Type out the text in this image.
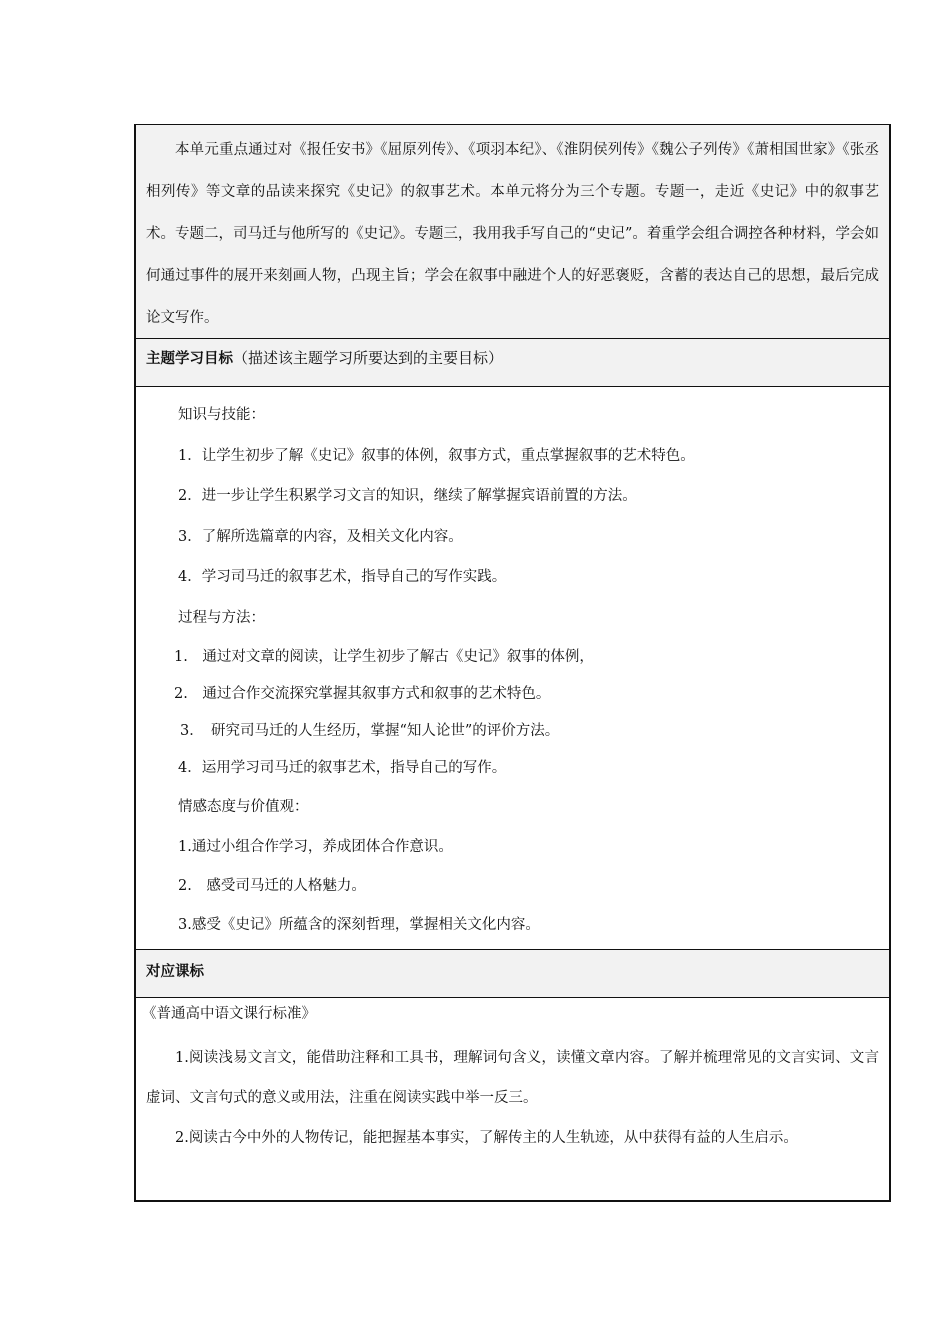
本单元重点通过对《报任安书》《屈原列传》、《项羽本纪》、《淮阴侯列传》《魏公子列传》《萧相国世家》《张丞相列传》等文章的品读来探究《史记》的叙事艺术。本单元将分为三个专题。专题一，走近《史记》中的叙事艺术。专题二，司马迁与他所写的《史记》。专题三，我用我手写自己的“史记”。着重学会组合调控各种材料，学会如何通过事件的展开来刻画人物，凸现主旨；学会在叙事中融进个人的好恶褒贬，含蓄的表达自己的思想，最后完成论文写作。

主题学习目标（描述该主题学习所要达到的主要目标）
知识与技能：
1．让学生初步了解《史记》叙事的体例，叙事方式，重点掌握叙事的艺术特色。
2．进一步让学生积累学习文言的知识，继续了解掌握宾语前置的方法。
3．了解所选篇章的内容，及相关文化内容。
4．学习司马迁的叙事艺术，指导自己的写作实践。
过程与方法：
1.　通过对文章的阅读，让学生初步了解古《史记》叙事的体例，
2.　通过合作交流探究掌握其叙事方式和叙事的艺术特色。
3．　研究司马迁的人生经历，掌握“知人论世”的评价方法。
4．运用学习司马迁的叙事艺术，指导自己的写作。
情感态度与价值观：
1.通过小组合作学习，养成团体合作意识。
2.　感受司马迁的人格魅力。
3.感受《史记》所蕴含的深刻哲理，掌握相关文化内容。
对应课标
《普通高中语文课行标准》

1.阅读浅易文言文，能借助注释和工具书，理解词句含义，读懂文章内容。了解并梳理常见的文言实词、文言虚词、文言句式的意义或用法，注重在阅读实践中举一反三。

2.阅读古今中外的人物传记，能把握基本事实，了解传主的人生轨迹，从中获得有益的人生启示。
